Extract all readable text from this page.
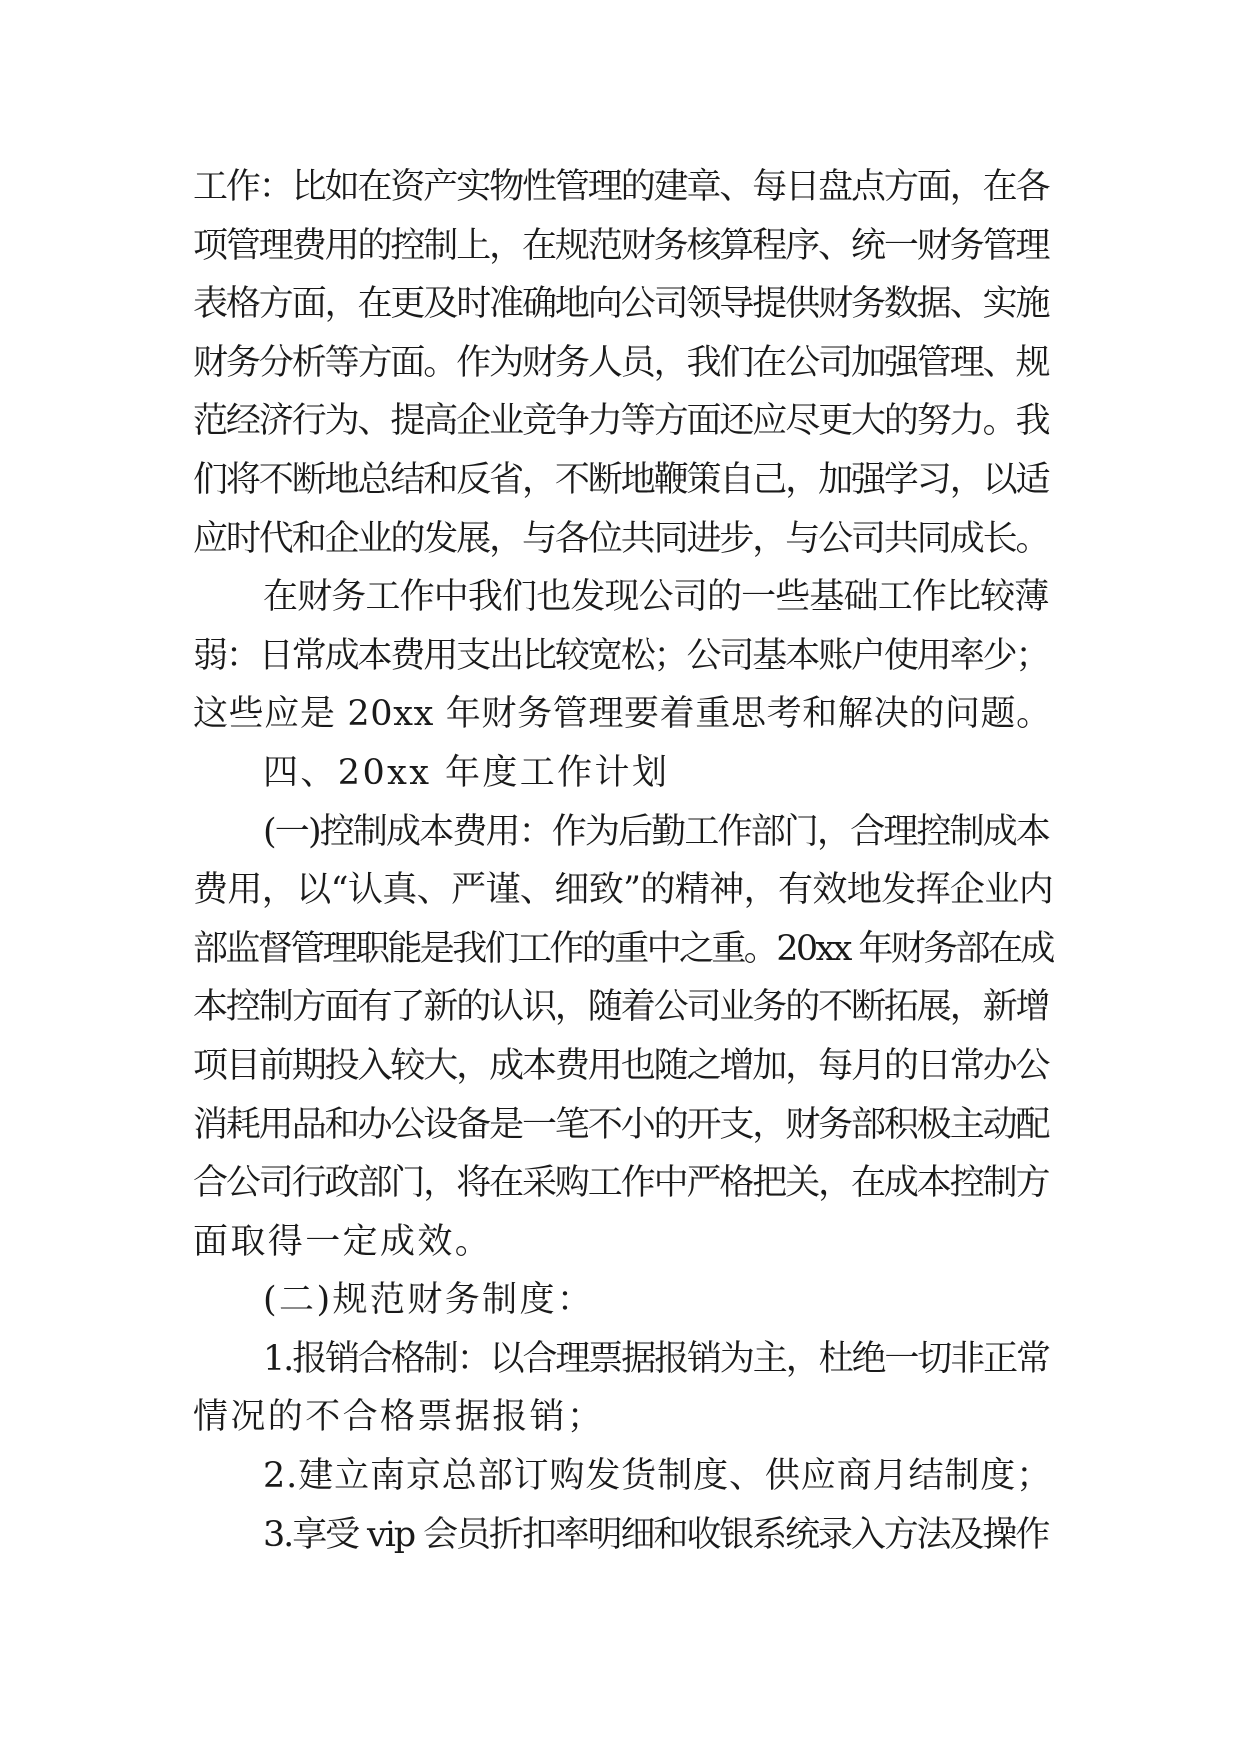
工作：比如在资产实物性管理的建章、每日盘点方面，在各
项管理费用的控制上，在规范财务核算程序、统一财务管理
表格方面，在更及时准确地向公司领导提供财务数据、实施
财务分析等方面。作为财务人员，我们在公司加强管理、规
范经济行为、提高企业竞争力等方面还应尽更大的努力。我
们将不断地总结和反省，不断地鞭策自己，加强学习，以适
应时代和企业的发展，与各位共同进步，与公司共同成长。
在财务工作中我们也发现公司的一些基础工作比较薄
弱：日常成本费用支出比较宽松；公司基本账户使用率少；
这些应是 20xx 年财务管理要着重思考和解决的问题。
四、20xx 年度工作计划
(一)控制成本费用：作为后勤工作部门，合理控制成本
费用，以“认真、严谨、细致”的精神，有效地发挥企业内
部监督管理职能是我们工作的重中之重。20xx 年财务部在成
本控制方面有了新的认识，随着公司业务的不断拓展，新增
项目前期投入较大，成本费用也随之增加，每月的日常办公
消耗用品和办公设备是一笔不小的开支，财务部积极主动配
合公司行政部门，将在采购工作中严格把关，在成本控制方
面取得一定成效。
(二)规范财务制度：
1.报销合格制：以合理票据报销为主，杜绝一切非正常
情况的不合格票据报销；
2.建立南京总部订购发货制度、供应商月结制度；
3.享受 vip 会员折扣率明细和收银系统录入方法及操作
